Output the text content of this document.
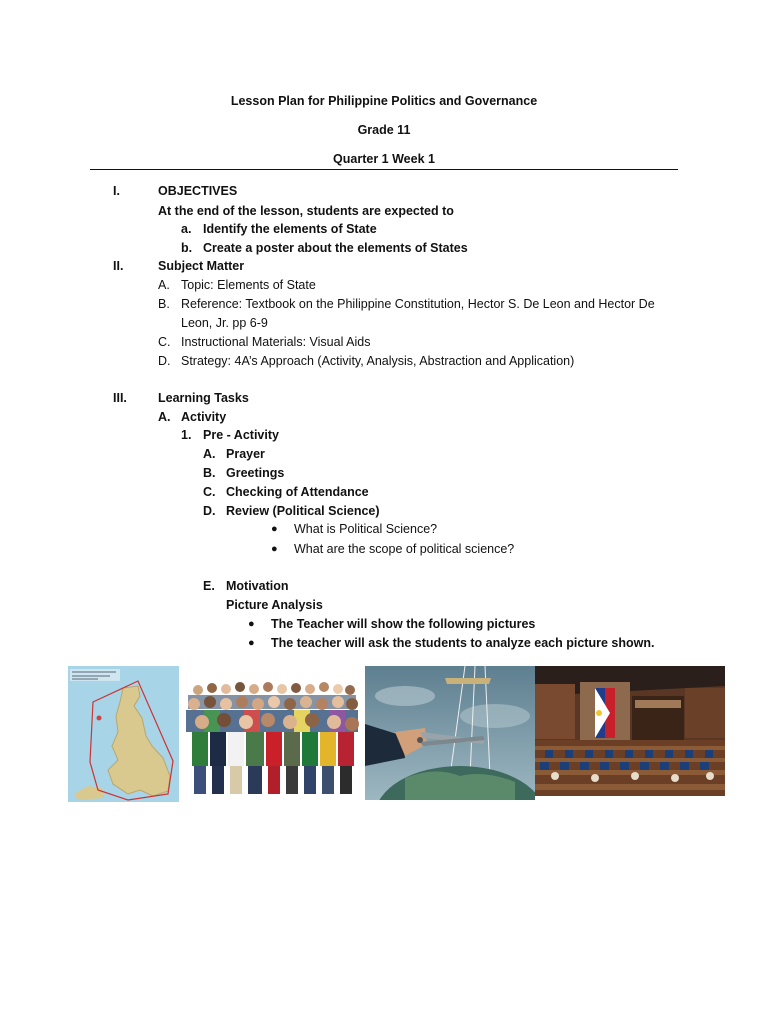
Lesson Plan for Philippine Politics and Governance
Grade 11
Quarter 1 Week 1
I.	OBJECTIVES
At the end of the lesson, students are expected to
a. Identify the elements of State
b. Create a poster about the elements of States
II.	Subject Matter
A. Topic: Elements of State
B. Reference: Textbook on the Philippine Constitution, Hector S. De Leon and Hector De
Leon, Jr. pp 6-9
C. Instructional Materials: Visual Aids
D. Strategy: 4A’s Approach (Activity, Analysis, Abstraction and Application)
III. Learning Tasks
A. Activity
1. Pre - Activity
A. Prayer
B. Greetings
C. Checking of Attendance
D. Review (Political Science)
● What is Political Science?
● What are the scope of political science?
E. Motivation
Picture Analysis
● The Teacher will show the following pictures
● The teacher will ask the students to analyze each picture shown.
